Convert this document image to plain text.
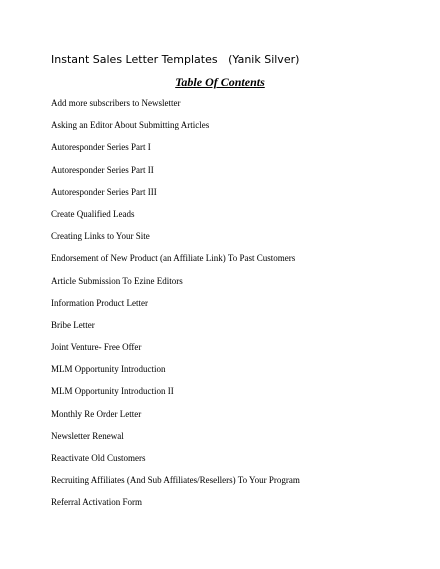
Instant Sales Letter Templates   (Yanik Silver)
Table Of Contents
Add more subscribers to Newsletter
Asking an Editor About Submitting Articles
Autoresponder Series Part I
Autoresponder Series Part II
Autoresponder Series Part III
Create Qualified Leads
Creating Links to Your Site
Endorsement of New Product (an Affiliate Link) To Past Customers
Article Submission To Ezine Editors
Information Product Letter
Bribe Letter
Joint Venture- Free Offer
MLM Opportunity Introduction
MLM Opportunity Introduction II
Monthly Re Order Letter
Newsletter Renewal
Reactivate Old Customers
Recruiting Affiliates (And Sub Affiliates/Resellers) To Your Program
Referral Activation Form
